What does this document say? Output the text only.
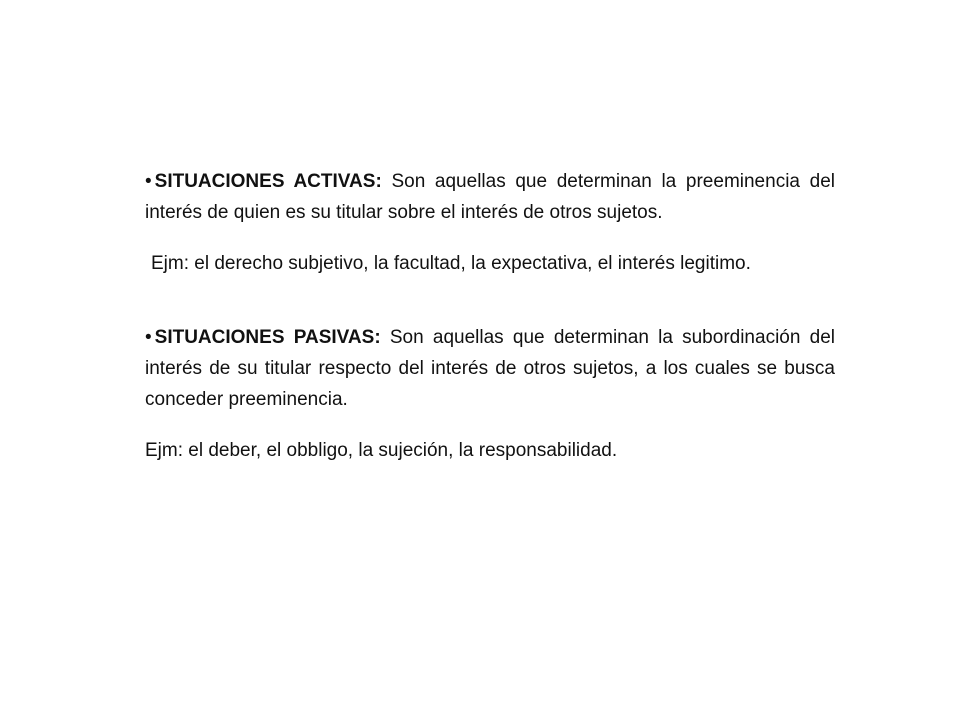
• SITUACIONES ACTIVAS: Son aquellas que determinan la preeminencia del interés de quien es su titular sobre el interés de otros sujetos.

Ejm: el derecho subjetivo, la facultad, la expectativa, el interés legitimo.

• SITUACIONES PASIVAS: Son aquellas que determinan la subordinación del interés de su titular respecto del interés de otros sujetos, a los cuales se busca conceder preeminencia.

Ejm: el deber, el obbligo, la sujeción, la responsabilidad.
